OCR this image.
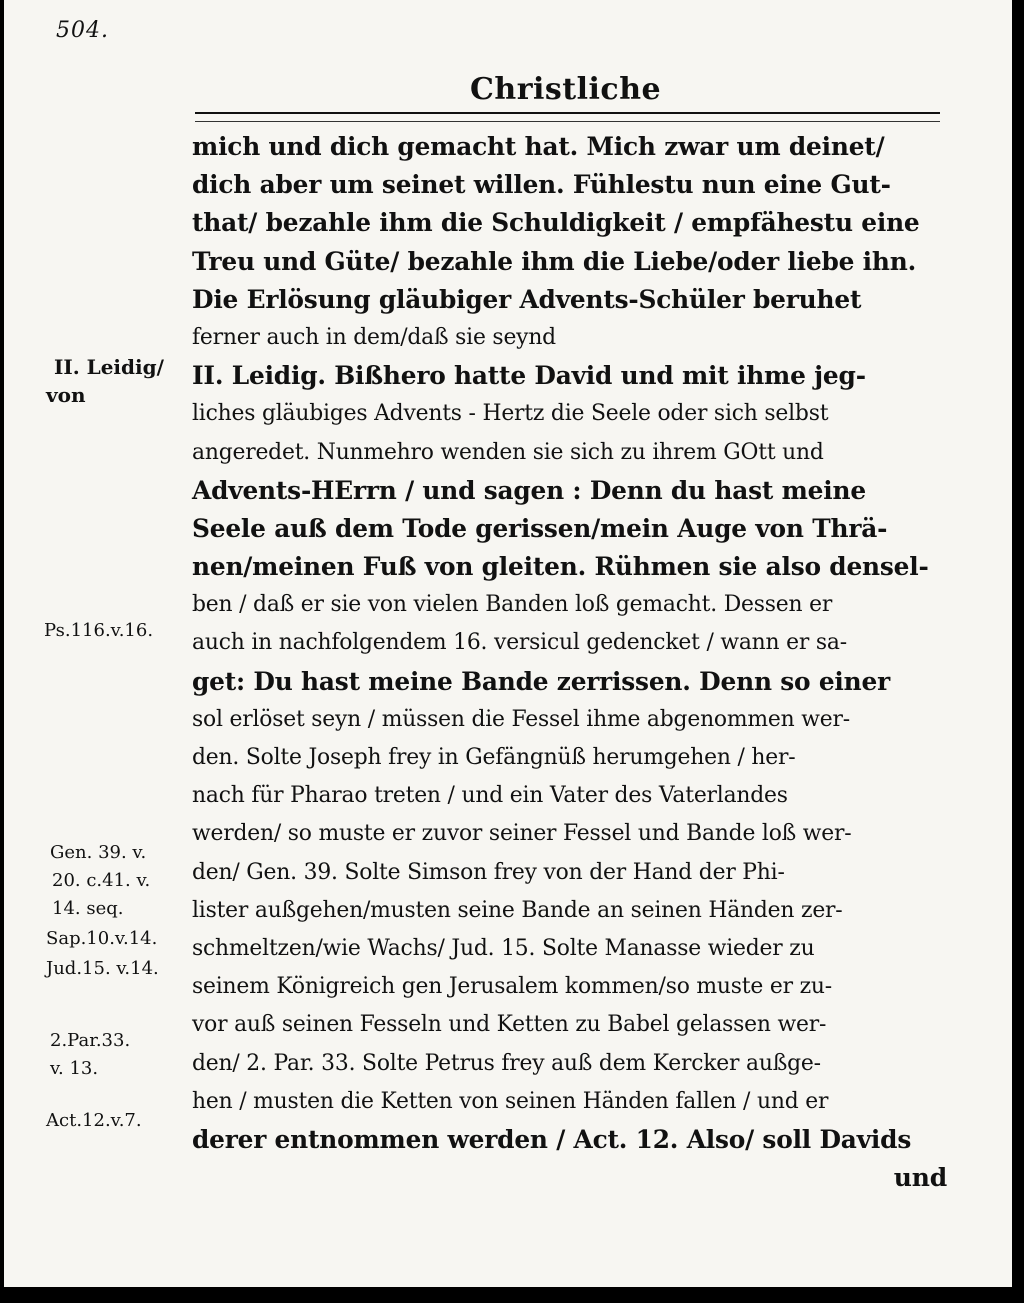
504.
Christliche
mich und dich gemacht hat. Mich zwar um deinet/
dich aber um seinet willen. Fühlestu nun eine Gut-
that/ bezahle ihm die Schuldigkeit / empfähestu eine
Treu und Güte/ bezahle ihm die Liebe/oder liebe ihn.
Die Erlösung gläubiger Advents-Schüler beruhet
ferner auch in dem/daß sie seynd
II. Leidig. Bißhero hatte David und mit ihme jeg-
liches gläubiges Advents - Hertz die Seele oder sich selbst
angeredet. Nunmehro wenden sie sich zu ihrem GOtt und
Advents-HErrn / und sagen : Denn du hast meine
Seele auß dem Tode gerissen/mein Auge von Thrä-
nen/meinen Fuß von gleiten. Rühmen sie also densel-
ben / daß er sie von vielen Banden loß gemacht. Dessen er
auch in nachfolgendem 16. versicul gedencket / wann er sa-
get: Du hast meine Bande zerrissen. Denn so einer
sol erlöset seyn / müssen die Fessel ihme abgenommen wer-
den. Solte Joseph frey in Gefängnüß herumgehen / her-
nach für Pharao treten / und ein Vater des Vaterlandes
werden/ so muste er zuvor seiner Fessel und Bande loß wer-
den/ Gen. 39. Solte Simson frey von der Hand der Phi-
lister außgehen/musten seine Bande an seinen Händen zer-
schmeltzen/wie Wachs/ Jud. 15. Solte Manasse wieder zu
seinem Königreich gen Jerusalem kommen/so muste er zu-
vor auß seinen Fesseln und Ketten zu Babel gelassen wer-
den/ 2. Par. 33. Solte Petrus frey auß dem Kercker außge-
hen / musten die Ketten von seinen Händen fallen / und er
derer entnommen werden / Act. 12. Also/ soll Davids
und
II. Leidig/
von
Ps.116.v.16.
Gen. 39. v.
20. c.41. v.
14. seq.
Sap.10.v.14.
Jud.15. v.14.
2.Par.33.
v. 13.
Act.12.v.7.
